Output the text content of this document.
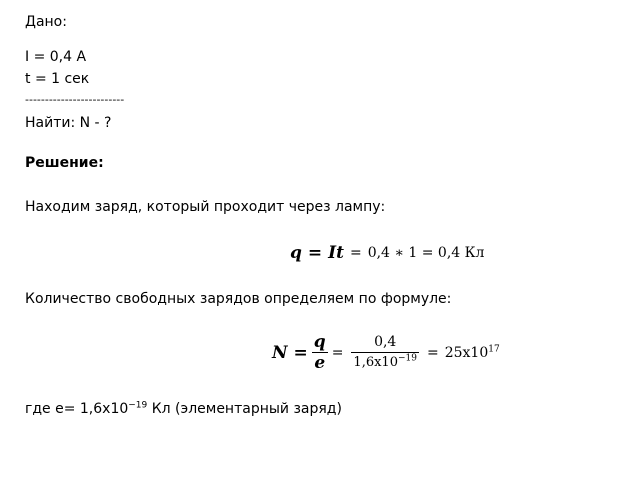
Дано:
I = 0,4 А
t = 1 сек
-------------------------
Найти: N - ?
Решение:
Находим заряд, который проходит через лампу:
q = It = 0,4 ∗ 1 = 0,4 Кл
Количество свободных зарядов определяем по формуле:
$N = \frac{q}{e} = \frac{0,4}{1,6x10^{-19}} = 25x10^{17}$
где $е= 1,6x10^{-19}$ Кл (элементарный заряд)
